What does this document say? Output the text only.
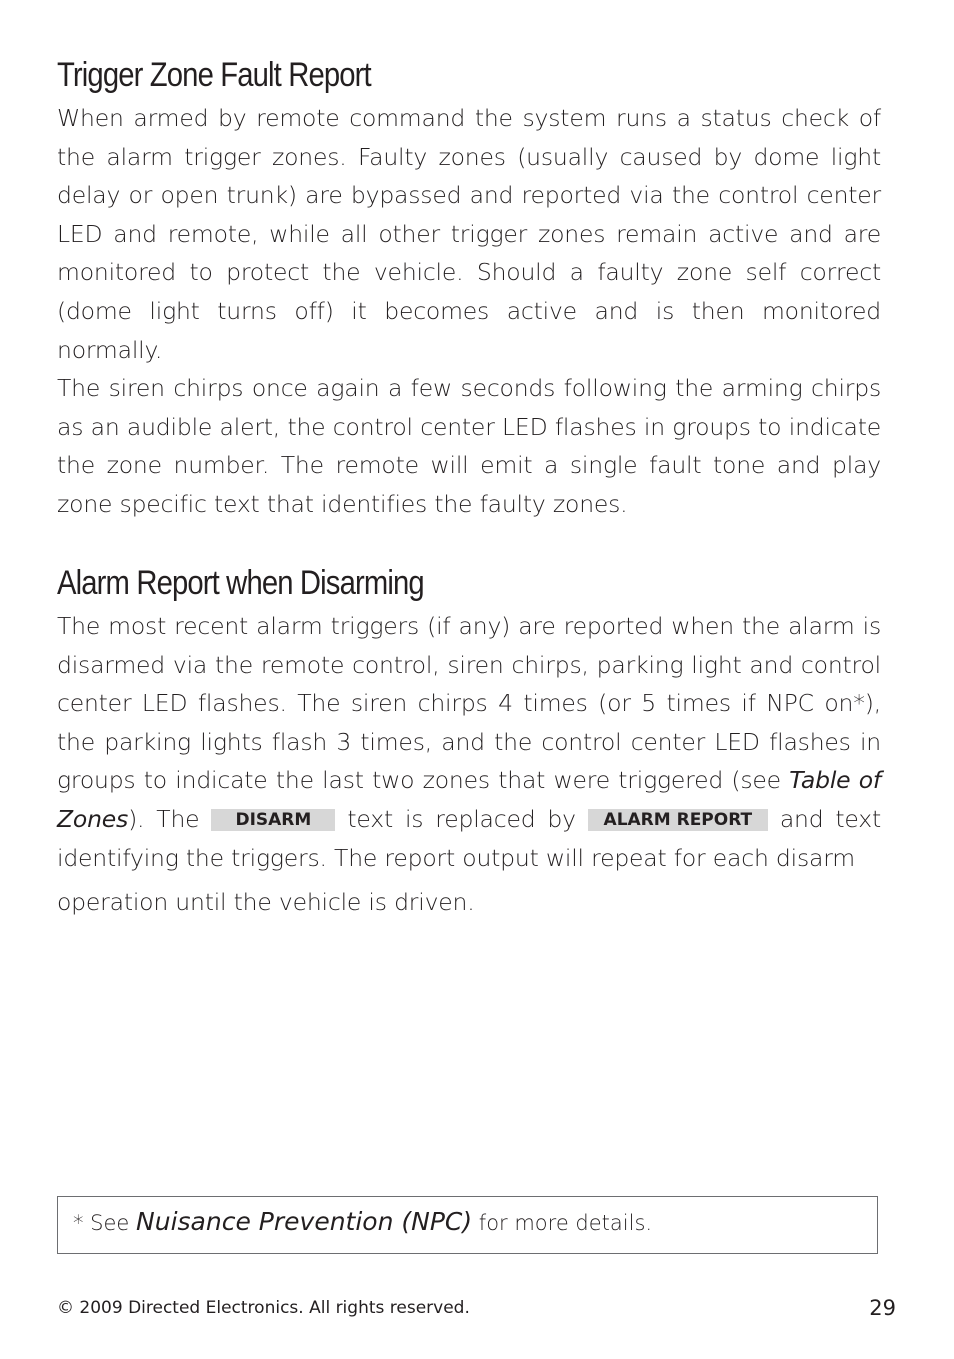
Trigger Zone Fault Report

When armed by remote command the system runs a status check of the alarm trigger zones. Faulty zones (usually caused by dome light delay or open trunk) are bypassed and reported via the control center LED and remote, while all other trigger zones remain active and are monitored to protect the vehicle. Should a faulty zone self correct (dome light turns off) it becomes active and is then monitored normally.

The siren chirps once again a few seconds following the arming chirps as an audible alert, the control center LED flashes in groups to indicate the zone number. The remote will emit a single fault tone and play zone specific text that identifies the faulty zones.

Alarm Report when Disarming

The most recent alarm triggers (if any) are reported when the alarm is disarmed via the remote control, siren chirps, parking light and control center LED flashes. The siren chirps 4 times (or 5 times if NPC on*), the parking lights flash 3 times, and the control center LED flashes in groups to indicate the last two zones that were triggered (see Table of Zones). The DISARM text is replaced by ALARM REPORT and text identifying the triggers. The report output will repeat for each disarm
operation until the vehicle is driven.

* See Nuisance Prevention (NPC) for more details.
© 2009 Directed Electronics. All rights reserved.	29
